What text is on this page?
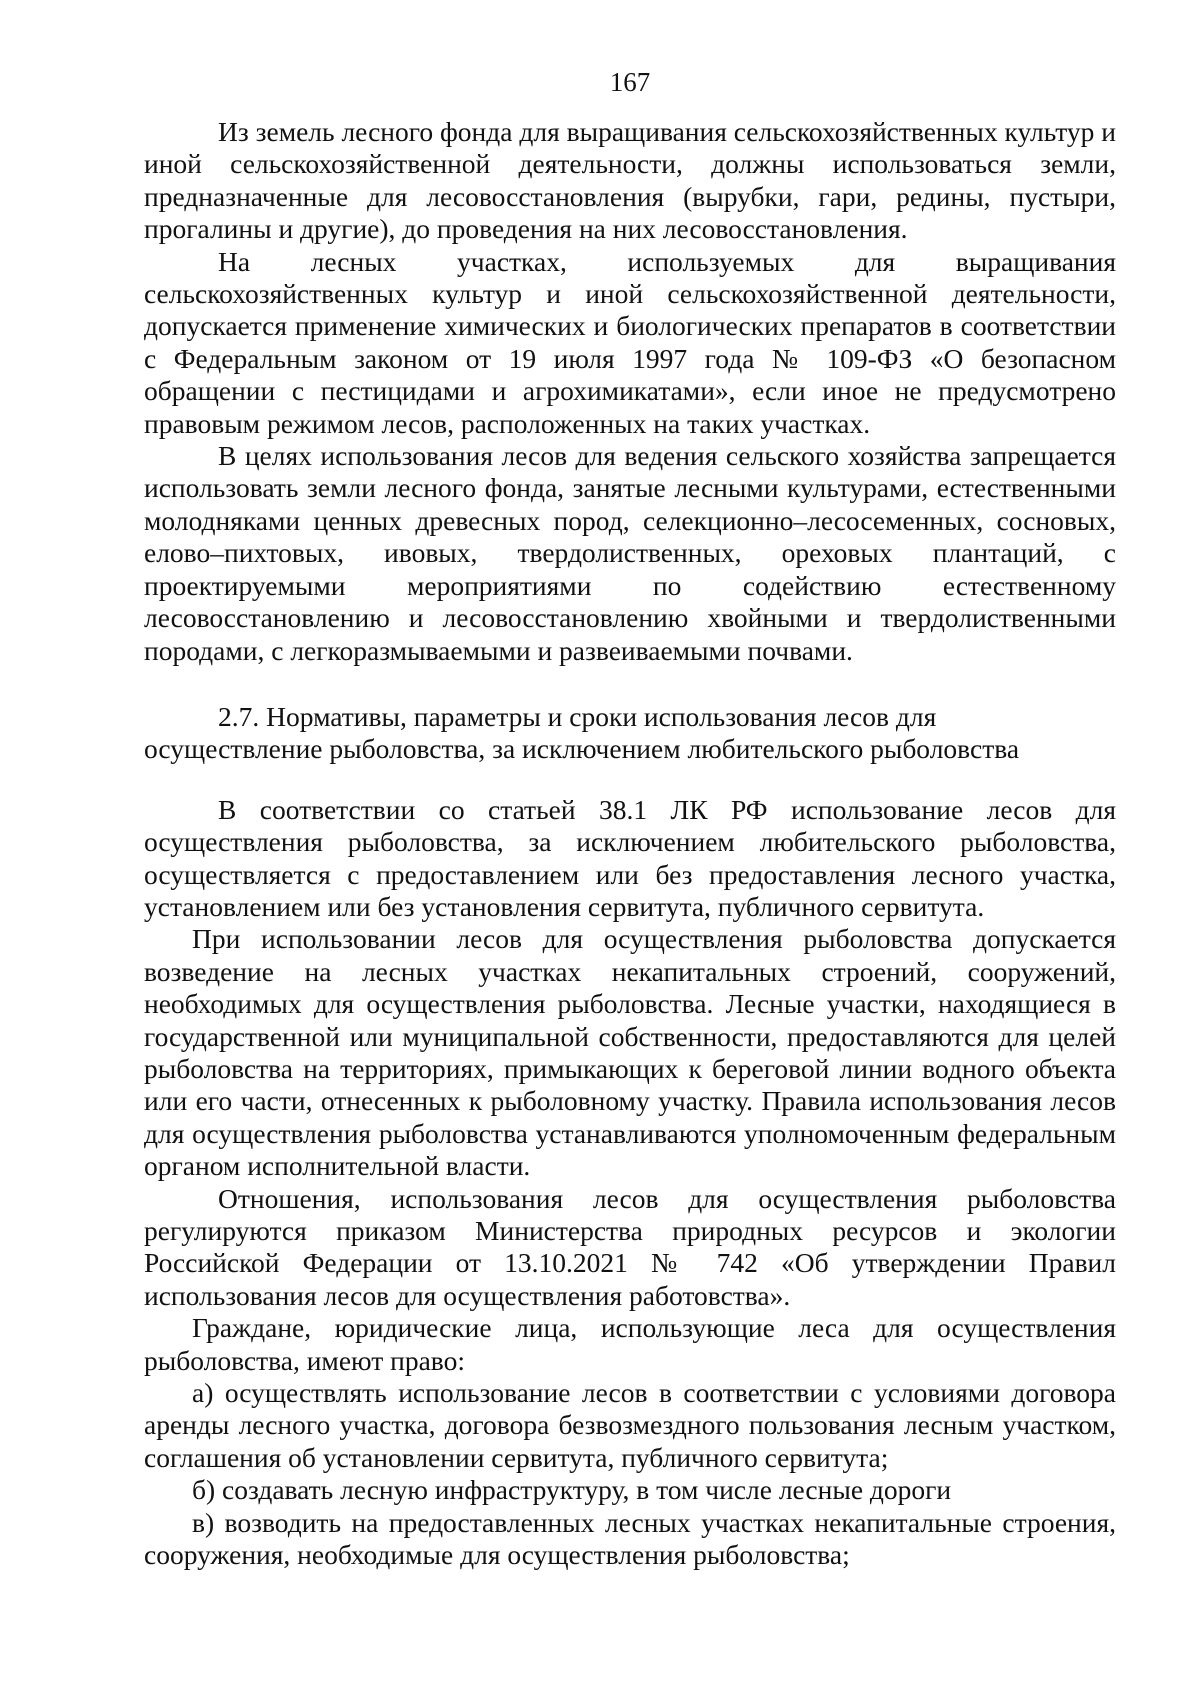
167

Из земель лесного фонда для выращивания сельскохозяйственных культур и иной сельскохозяйственной деятельности, должны использоваться земли, предназначенные для лесовосстановления (вырубки, гари, редины, пустыри, прогалины и другие), до проведения на них лесовосстановления.

На лесных участках, используемых для выращивания сельскохозяйственных культур и иной сельскохозяйственной деятельности, допускается применение химических и биологических препаратов в соответствии с Федеральным законом от 19 июля 1997 года № 109-ФЗ «О безопасном обращении с пестицидами и агрохимикатами», если иное не предусмотрено правовым режимом лесов, расположенных на таких участках.

В целях использования лесов для ведения сельского хозяйства запрещается использовать земли лесного фонда, занятые лесными культурами, естественными молодняками ценных древесных пород, селекционно–лесосеменных, сосновых, елово–пихтовых, ивовых, твердолиственных, ореховых плантаций, с проектируемыми мероприятиями по содействию естественному лесовосстановлению и лесовосстановлению хвойными и твердолиственными породами, с легкоразмываемыми и развеиваемыми почвами.

2.7. Нормативы, параметры и сроки использования лесов для осуществление рыболовства, за исключением любительского рыболовства

В соответствии со статьей 38.1 ЛК РФ использование лесов для осуществления рыболовства, за исключением любительского рыболовства, осуществляется с предоставлением или без предоставления лесного участка, установлением или без установления сервитута, публичного сервитута.

При использовании лесов для осуществления рыболовства допускается возведение на лесных участках некапитальных строений, сооружений, необходимых для осуществления рыболовства. Лесные участки, находящиеся в государственной или муниципальной собственности, предоставляются для целей рыболовства на территориях, примыкающих к береговой линии водного объекта или его части, отнесенных к рыболовному участку. Правила использования лесов для осуществления рыболовства устанавливаются уполномоченным федеральным органом исполнительной власти.

Отношения, использования лесов для осуществления рыболовства регулируются приказом Министерства природных ресурсов и экологии Российской Федерации от 13.10.2021 № 742 «Об утверждении Правил использования лесов для осуществления работовства».

Граждане, юридические лица, использующие леса для осуществления рыболовства, имеют право:

а) осуществлять использование лесов в соответствии с условиями договора аренды лесного участка, договора безвозмездного пользования лесным участком, соглашения об установлении сервитута, публичного сервитута;

б) создавать лесную инфраструктуру, в том числе лесные дороги

в) возводить на предоставленных лесных участках некапитальные строения, сооружения, необходимые для осуществления рыболовства;
